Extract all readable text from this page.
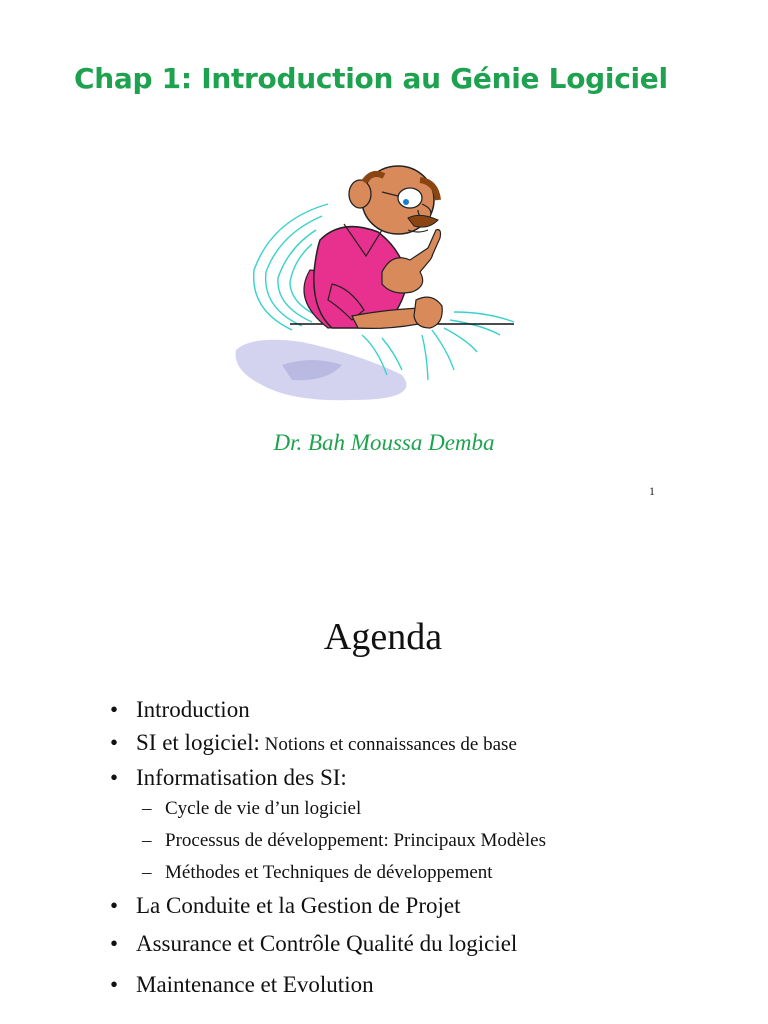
Chap 1: Introduction au Génie Logiciel
Dr. Bah Moussa Demba
1
Agenda
• Introduction
• SI et logiciel: Notions et connaissances de base
• Informatisation des SI:
– Cycle de vie d’un logiciel
– Processus de développement: Principaux Modèles
– Méthodes et Techniques de développement
• La Conduite et la Gestion de Projet
• Assurance et Contrôle Qualité du logiciel
• Maintenance et Evolution
